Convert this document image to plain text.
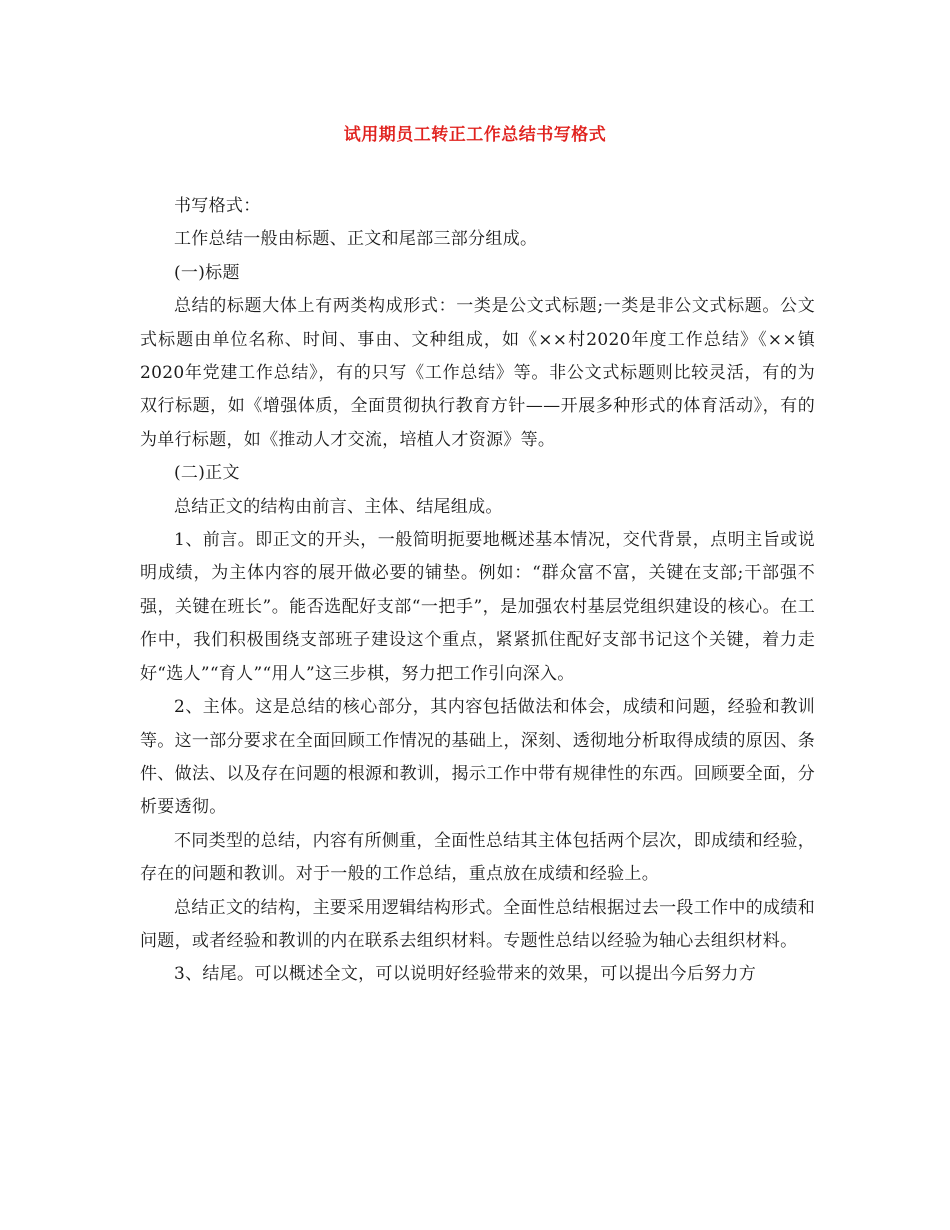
试用期员工转正工作总结书写格式

书写格式：

工作总结一般由标题、正文和尾部三部分组成。

(一)标题

总结的标题大体上有两类构成形式：一类是公文式标题;一类是非公文式标题。公文式标题由单位名称、时间、事由、文种组成，如《××村2020年度工作总结》《××镇2020年党建工作总结》，有的只写《工作总结》等。非公文式标题则比较灵活，有的为双行标题，如《增强体质，全面贯彻执行教育方针——开展多种形式的体育活动》，有的为单行标题，如《推动人才交流，培植人才资源》等。

(二)正文

总结正文的结构由前言、主体、结尾组成。

1、前言。即正文的开头，一般简明扼要地概述基本情况，交代背景，点明主旨或说明成绩，为主体内容的展开做必要的铺垫。例如：“群众富不富，关键在支部;干部强不强，关键在班长”。能否选配好支部“一把手”，是加强农村基层党组织建设的核心。在工作中，我们积极围绕支部班子建设这个重点，紧紧抓住配好支部书记这个关键，着力走好“选人”“育人”“用人”这三步棋，努力把工作引向深入。

2、主体。这是总结的核心部分，其内容包括做法和体会，成绩和问题，经验和教训等。这一部分要求在全面回顾工作情况的基础上，深刻、透彻地分析取得成绩的原因、条件、做法、以及存在问题的根源和教训，揭示工作中带有规律性的东西。回顾要全面，分析要透彻。

不同类型的总结，内容有所侧重，全面性总结其主体包括两个层次，即成绩和经验，存在的问题和教训。对于一般的工作总结，重点放在成绩和经验上。

总结正文的结构，主要采用逻辑结构形式。全面性总结根据过去一段工作中的成绩和问题，或者经验和教训的内在联系去组织材料。专题性总结以经验为轴心去组织材料。

3、结尾。可以概述全文，可以说明好经验带来的效果，可以提出今后努力方
